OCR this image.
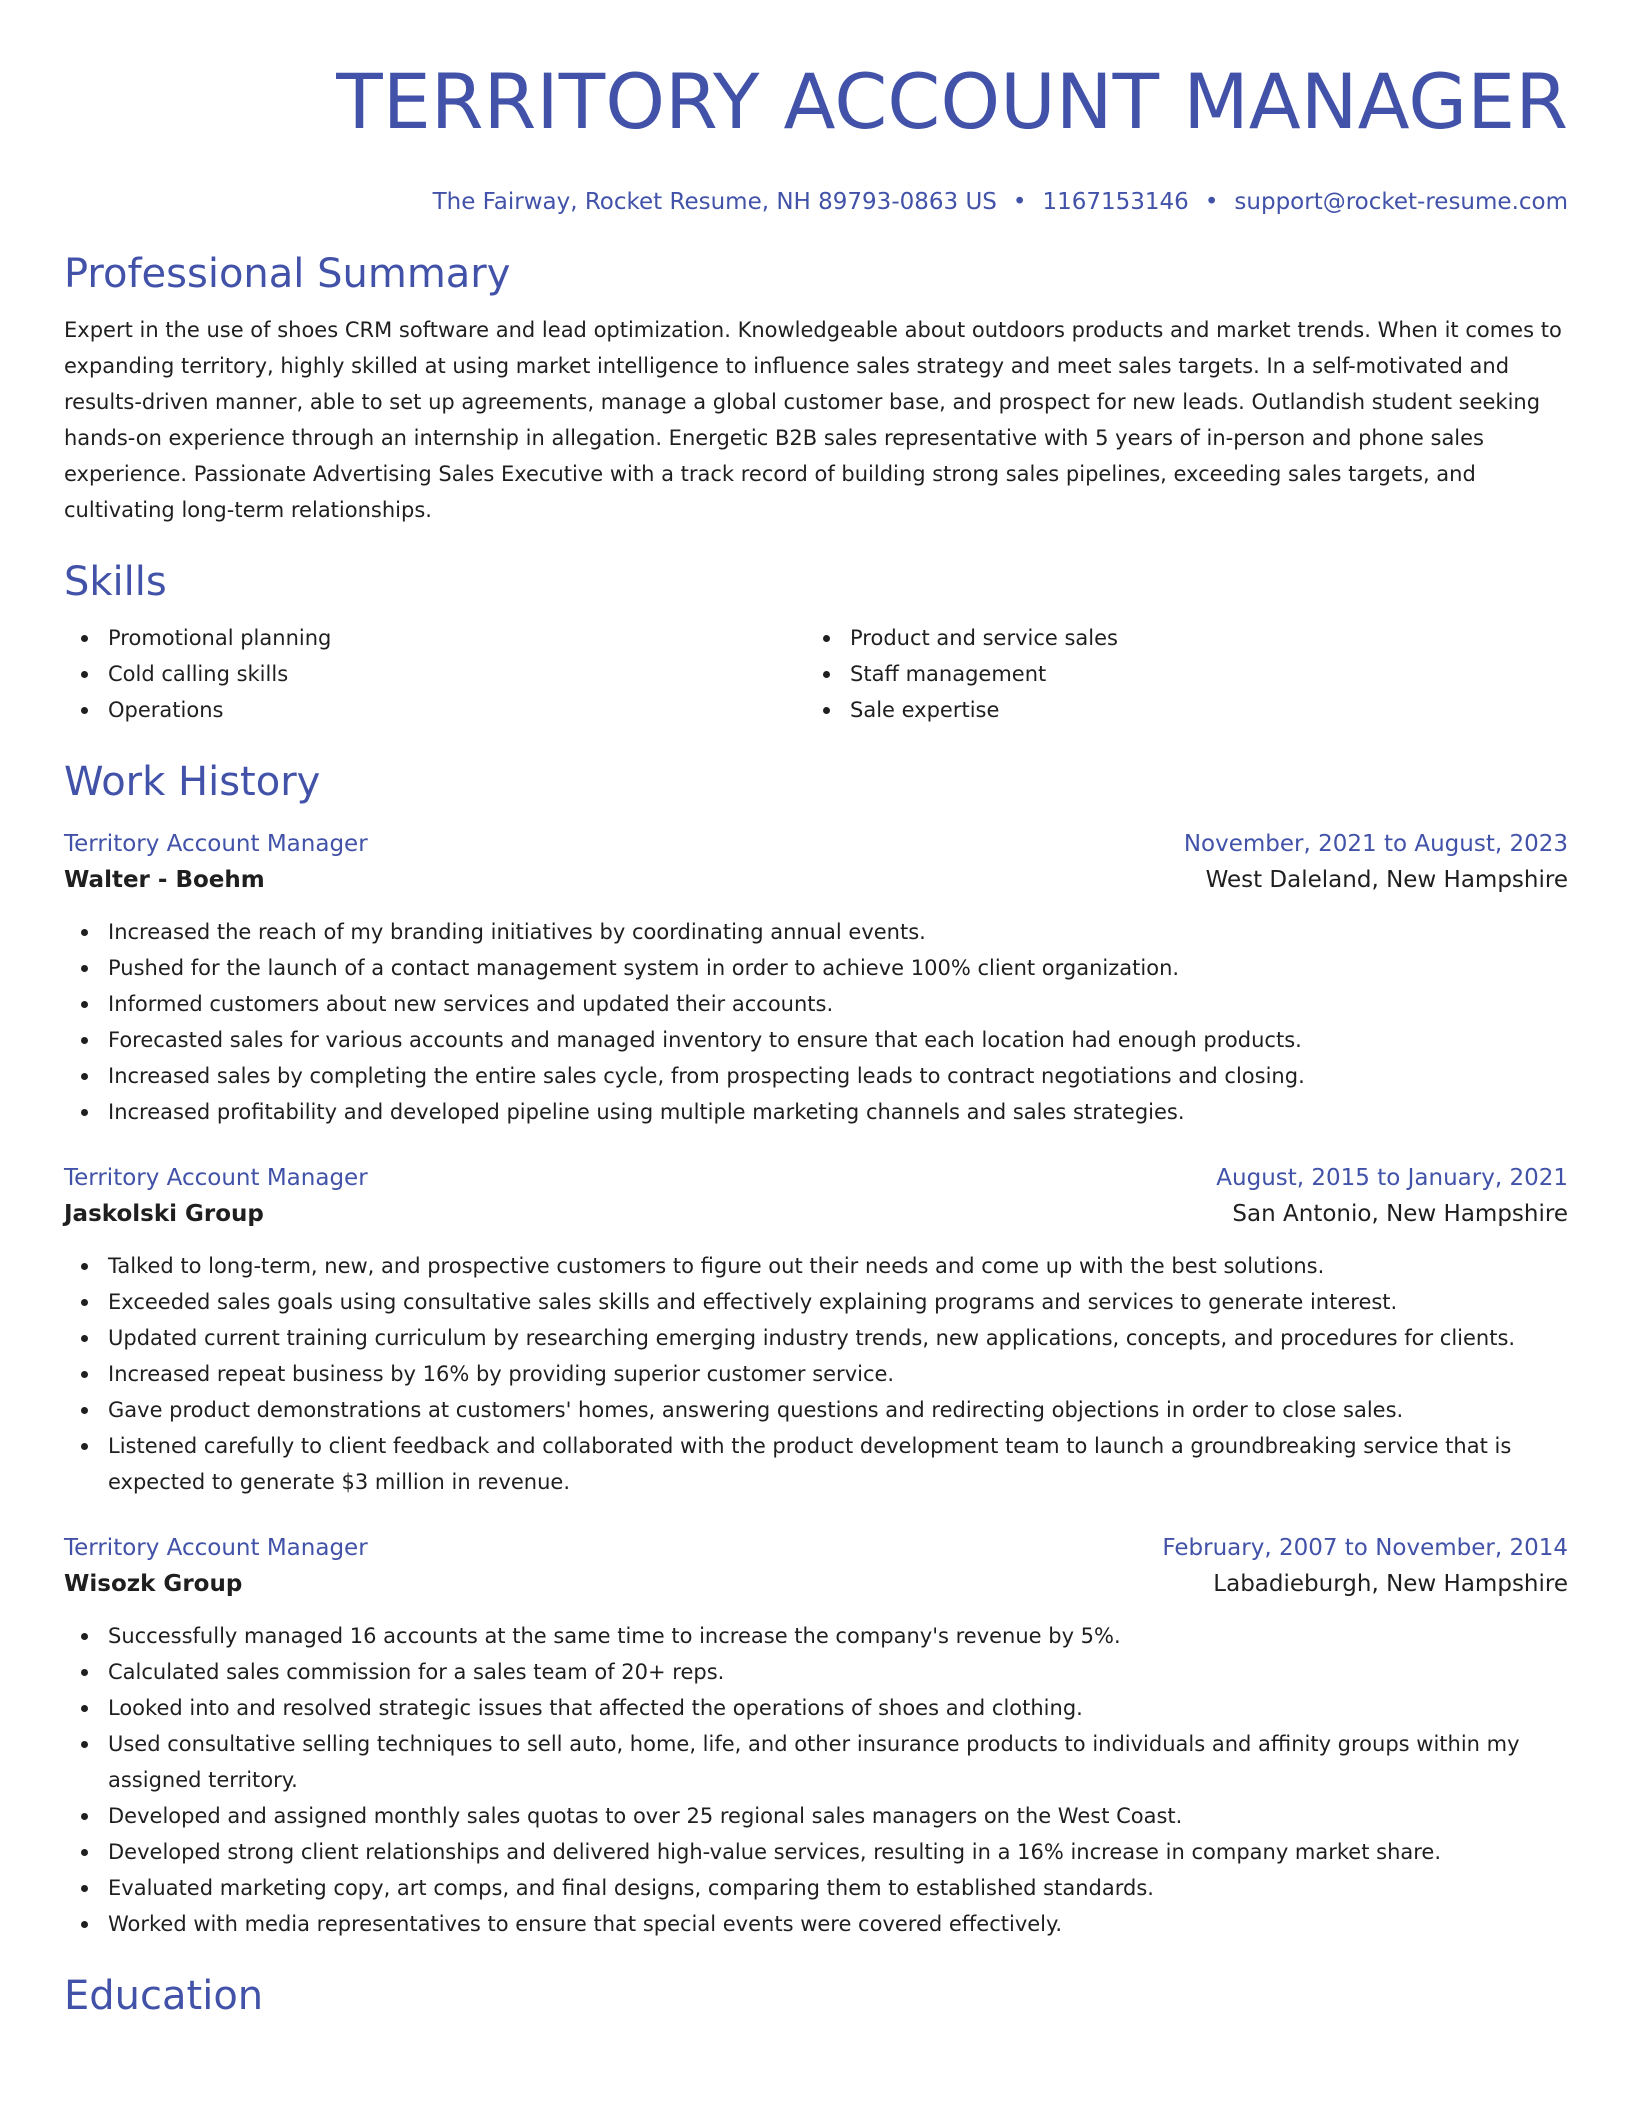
TERRITORY ACCOUNT MANAGER
The Fairway, Rocket Resume, NH 89793-0863 US • 1167153146 • support@rocket-resume.com
Professional Summary

Expert in the use of shoes CRM software and lead optimization. Knowledgeable about outdoors products and market trends. When it comes to expanding territory, highly skilled at using market intelligence to influence sales strategy and meet sales targets. In a self-motivated and results-driven manner, able to set up agreements, manage a global customer base, and prospect for new leads. Outlandish student seeking hands-on experience through an internship in allegation. Energetic B2B sales representative with 5 years of in-person and phone sales experience. Passionate Advertising Sales Executive with a track record of building strong sales pipelines, exceeding sales targets, and cultivating long-term relationships.

Skills
Promotional planning
Cold calling skills
Operations
Product and service sales
Staff management
Sale expertise
Work History
Territory Account Manager	November, 2021 to August, 2023
Walter - Boehm	West Daleland, New Hampshire
Increased the reach of my branding initiatives by coordinating annual events.
Pushed for the launch of a contact management system in order to achieve 100% client organization.
Informed customers about new services and updated their accounts.
Forecasted sales for various accounts and managed inventory to ensure that each location had enough products.
Increased sales by completing the entire sales cycle, from prospecting leads to contract negotiations and closing.
Increased profitability and developed pipeline using multiple marketing channels and sales strategies.
Territory Account Manager	August, 2015 to January, 2021
Jaskolski Group	San Antonio, New Hampshire
Talked to long-term, new, and prospective customers to figure out their needs and come up with the best solutions.
Exceeded sales goals using consultative sales skills and effectively explaining programs and services to generate interest.
Updated current training curriculum by researching emerging industry trends, new applications, concepts, and procedures for clients.
Increased repeat business by 16% by providing superior customer service.
Gave product demonstrations at customers' homes, answering questions and redirecting objections in order to close sales.
Listened carefully to client feedback and collaborated with the product development team to launch a groundbreaking service that is expected to generate $3 million in revenue.
Territory Account Manager	February, 2007 to November, 2014
Wisozk Group	Labadieburgh, New Hampshire
Successfully managed 16 accounts at the same time to increase the company's revenue by 5%.
Calculated sales commission for a sales team of 20+ reps.
Looked into and resolved strategic issues that affected the operations of shoes and clothing.
Used consultative selling techniques to sell auto, home, life, and other insurance products to individuals and affinity groups within my assigned territory.
Developed and assigned monthly sales quotas to over 25 regional sales managers on the West Coast.
Developed strong client relationships and delivered high-value services, resulting in a 16% increase in company market share.
Evaluated marketing copy, art comps, and final designs, comparing them to established standards.
Worked with media representatives to ensure that special events were covered effectively.
Education
